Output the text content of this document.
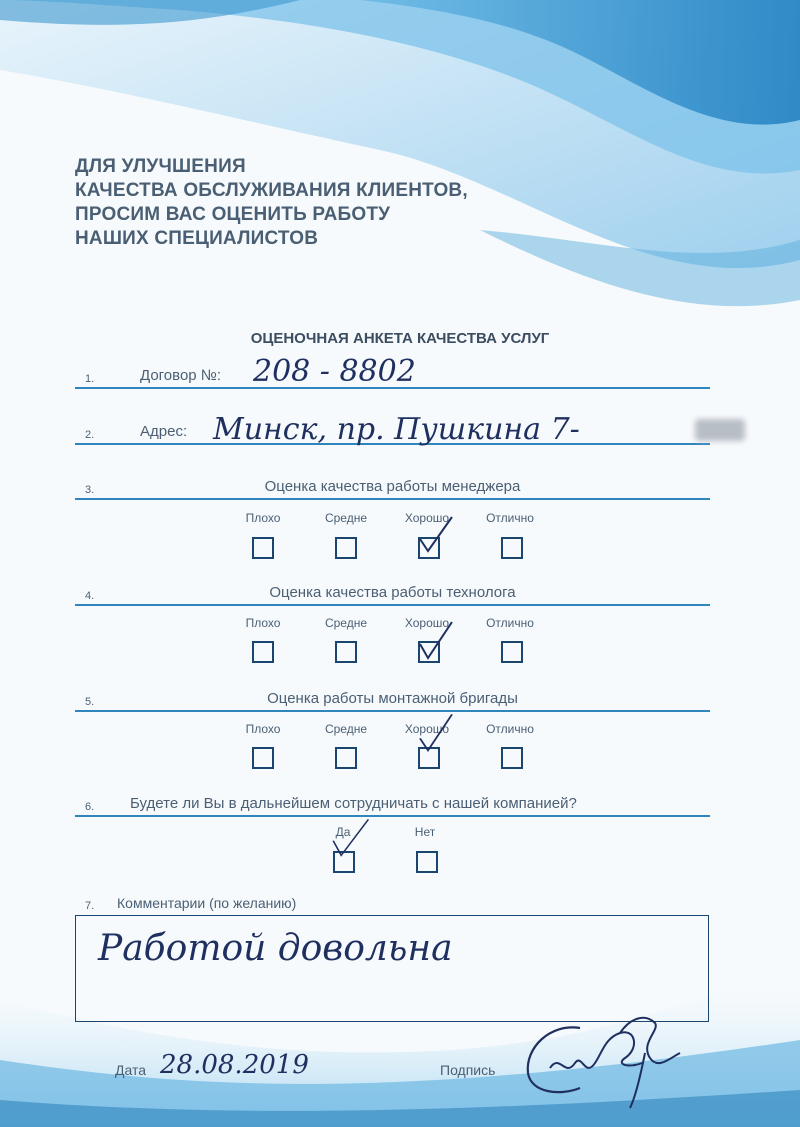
ДЛЯ УЛУЧШЕНИЯ
КАЧЕСТВА ОБСЛУЖИВАНИЯ КЛИЕНТОВ,
ПРОСИМ ВАС ОЦЕНИТЬ РАБОТУ
НАШИХ СПЕЦИАЛИСТОВ
ОЦЕНОЧНАЯ АНКЕТА КАЧЕСТВА УСЛУГ
1.	Договор №: 208 - 8802
2.	Адрес: Минск, пр. Пушкина 7-
3.	Оценка качества работы менеджера
Плохо	Средне	Хорошо	Отлично
4.	Оценка качества работы технолога
Плохо	Средне	Хорошо	Отлично
5.	Оценка работы монтажной бригады
Плохо	Средне	Хорошо	Отлично
6. Будете ли Вы в дальнейшем сотрудничать с нашей компанией?
Да	Нет
7. Комментарии (по желанию)
Работой довольна
Дата 28.08.2019	Подпись
